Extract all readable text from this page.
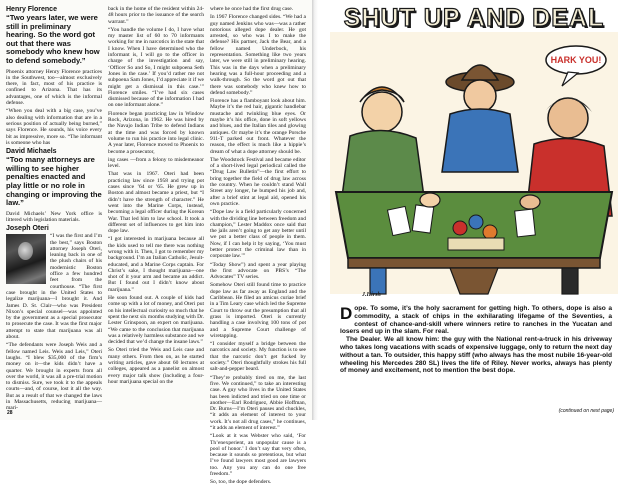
Henry Florence
“Two years later, we were still in preliminary hearing. So the word got out that there was somebody who knew how to defend somebody.”

Phoenix attorney Henry Florence practices in the Southwest, too—almost exclusively there, in fact, most of his practice is confined to Arizona. That has its advantages, one of which is the informal defense.

“When you deal with a big case, you’ve also dealing with information that are in a serious position of actually being burned,” says Florence. He sounds, his voice every bit as impressive, more so. “The informant is someone who has

David Michaels
“Too many attorneys are willing to see higher penalties enacted and play little or no role in changing or improving the law.”

David Michaels’ New York office is littered with legislation materials.

Joseph Oteri

“I was the first and I’m the best,” says Boston attorney Joseph Oteri, leaning back in one of the plush chairs of his modernistic Boston office a few hundred feet from the courthouse. “The first case brought in the United States to legalize marijuana—I brought it. And James D. St. Clair—who was President Nixon’s special counsel—was appointed by the government as a special prosecutor to prosecute the case. It was the first major attempt to state that marijuana was all about.

“The defendants were Joseph Weis and a fellow named Leis. Weis and Leis,” Oteri laughs. “I blew $35,000 of the firm’s money on it—the kids didn’t have a quarter. We brought in experts from all over the world, it was all a pre-trial motion to dismiss. Sure, we took it to the appeals courts—and, of course, lost it all the way. But as a result of that we changed the laws in Massachusetts, reducing marijuana—mari-

back in the home of the resident within 24-48 hours prior to the issuance of the search warrant.”

“You handle the volume I do, I have what my master list of 60 to 70 informants working for me in narcotics in the state that I know. When I have determined who the informant is, I will go to the officer in charge of the investigation and say, ‘Officer So and So, I might subpoena Seth Jones in the case.’ If you’d rather me not subpoena Sam Jones, I’d appreciate it if we might get a dismissal in this case.’” Florence smiles. “I’ve had six cases dismissed because of the information I had on one informant alone.”

Florence began practicing law in Window Rock, Arizona, in 1962. He was hired by the Navajo Indian Tribe to defend Indians at the time and was forced by known volume to run his practice into legal clinic. A year later, Florence moved to Phoenix to become a prosecutor,

ing cases —from a felony to misdemeanor level.

That was in 1967. Oteri had been practicing law since 1958 and trying pot cases since ’64 or ’65. He grew up in Boston and almost became a priest, but “I didn’t have the strength of character.” He went into the Marine Corps, instead, becoming a legal officer during the Korean War. That led him to law school. It took a different set of influences to get him into dope law.

“I got interested in marijuana because all the kids used to tell me there was nothing wrong with it. Then, I got to remember my background. I’m an Italian Catholic, Jesuit-educated, and a Marine Corps captain. For Christ’s sake, I thought marijuana—one shot of it your arm and became an addict. But I found out I didn’t know about marijuana.”

He soon found out. A couple of kids had come up with a lot of money, and Oteri put on his intellectual curiosity so much that he spent the next six months studying with Dr. Lester Grinspoon, an expert on marijuana. “We came to the conclusion that marijuana was a relatively harmless substance and we decided that we’d change the insane laws.”

So Oteri tried the Weis and Leis case and many others. From then on, as he started writing articles, gave about 60 lectures at colleges, appeared as a panelist on almost every major talk show (including a four-hour marijuana special on the

where he once had the first drug case.

In 1967 Florence changed sides. “We had a guy named Jenkins who was—was a rather notorious alleged dope dealer. He got arrested, so who was I to make the defense? His partner, Jack the Bear, and a fellow named Underbock, his representation. Something like two years later, we were still in preliminary hearing. This was in the days when a preliminary hearing was a full-hour proceeding and a walk-through. So the word got out that there was somebody who knew how to defend somebody.”

Florence has a flamboyant look about him. Maybe it’s the red hair, gigantic handlebar mustache and twinkling blue eyes. Or maybe it’s his office, done in soft yellows and blues, and the Italian tiles and glowing antiques. Or maybe it’s the orange Porsche 911-T parked out front. Whatever the reason, the effect is much like a hippie’s dream of what a dope attorney should be.

The Woodstock Festival and became editor of a short-lived legal periodical called the “Drug Law Bulletin”—the first effort to bring together the field of drug law across the country. When he couldn’t stand Wall Street any longer, he bumped his job and, after a brief stint at legal aid, opened his own practice.

“Dope law is a field particularly concerned with the dividing line between freedom and champion,” Lester Maddox once said that the jails aren’t going to get any better until we put a better class of people in them. Now, if I can help it by saying, ‘You must better protect the criminal law than in corporate law.’”

“Today Show”) and spent a year playing the first advocate on PBS’s “The Advocates” TV series.

Somehow Oteri still found time to practice dope law as far away as England and the Caribbean. He filed an amicus curiae brief in a Tim Leary case which led the Supreme Court to throw out the presumption that all grass is imported. Oteri is currently handling a case involving 100 tons of pot and a Supreme Court challenge of wiretapping.

“I consider myself a bridge between the narcotics and society. My function is to see that the narcotic don’t get fucked by society.” Oteri thoughtfully strokes his full salt-and-pepper beard.

“They’re probably tired on me, the last five. We continued,” to take an interesting case. A guy who lives in the United States has been indicted and tried on one time or another—Earl Rodriguez, Abbie Hoffman, Dr. Burns—I’m Oteri pauses and chuckles, “it adds an element of interest to your work. It’s not all drug cases,” he continues, “it adds an element of interest.”

“Look at it was Webster who said, ‘For Th’enexperient, an unpopular cause is a pool of honor.’ I don’t say that very often, because it sounds so pretentious, but what I’ve found lawyers most good are lawyers too. Any you any can do one free freedom.”

So, too, the dope defenders.

28
SHUT UP AND DEAL
HARK YOU!
J.Hirsh

Dope. To some, it’s the holy sacrament for getting high. To others, dope is also a commodity, a stack of chips in the exhilarating lifegame of the Seventies, a contest of chance-and-skill where winners retire to ranches in the Yucatan and losers end up in the slam. For real.

The Dealer. We all know him: the guy with the National rent-a-truck in his driveway who takes long vacations with scads of expensive luggage, only to return the next day without a tan. To outsider, this happy stiff (who always has the most nubile 16-year-old wheeling his Mercedes 280 SL) lives the life of Riley. Never works, always has plenty of money and excitement, not to mention the best dope.

(continued on next page)
